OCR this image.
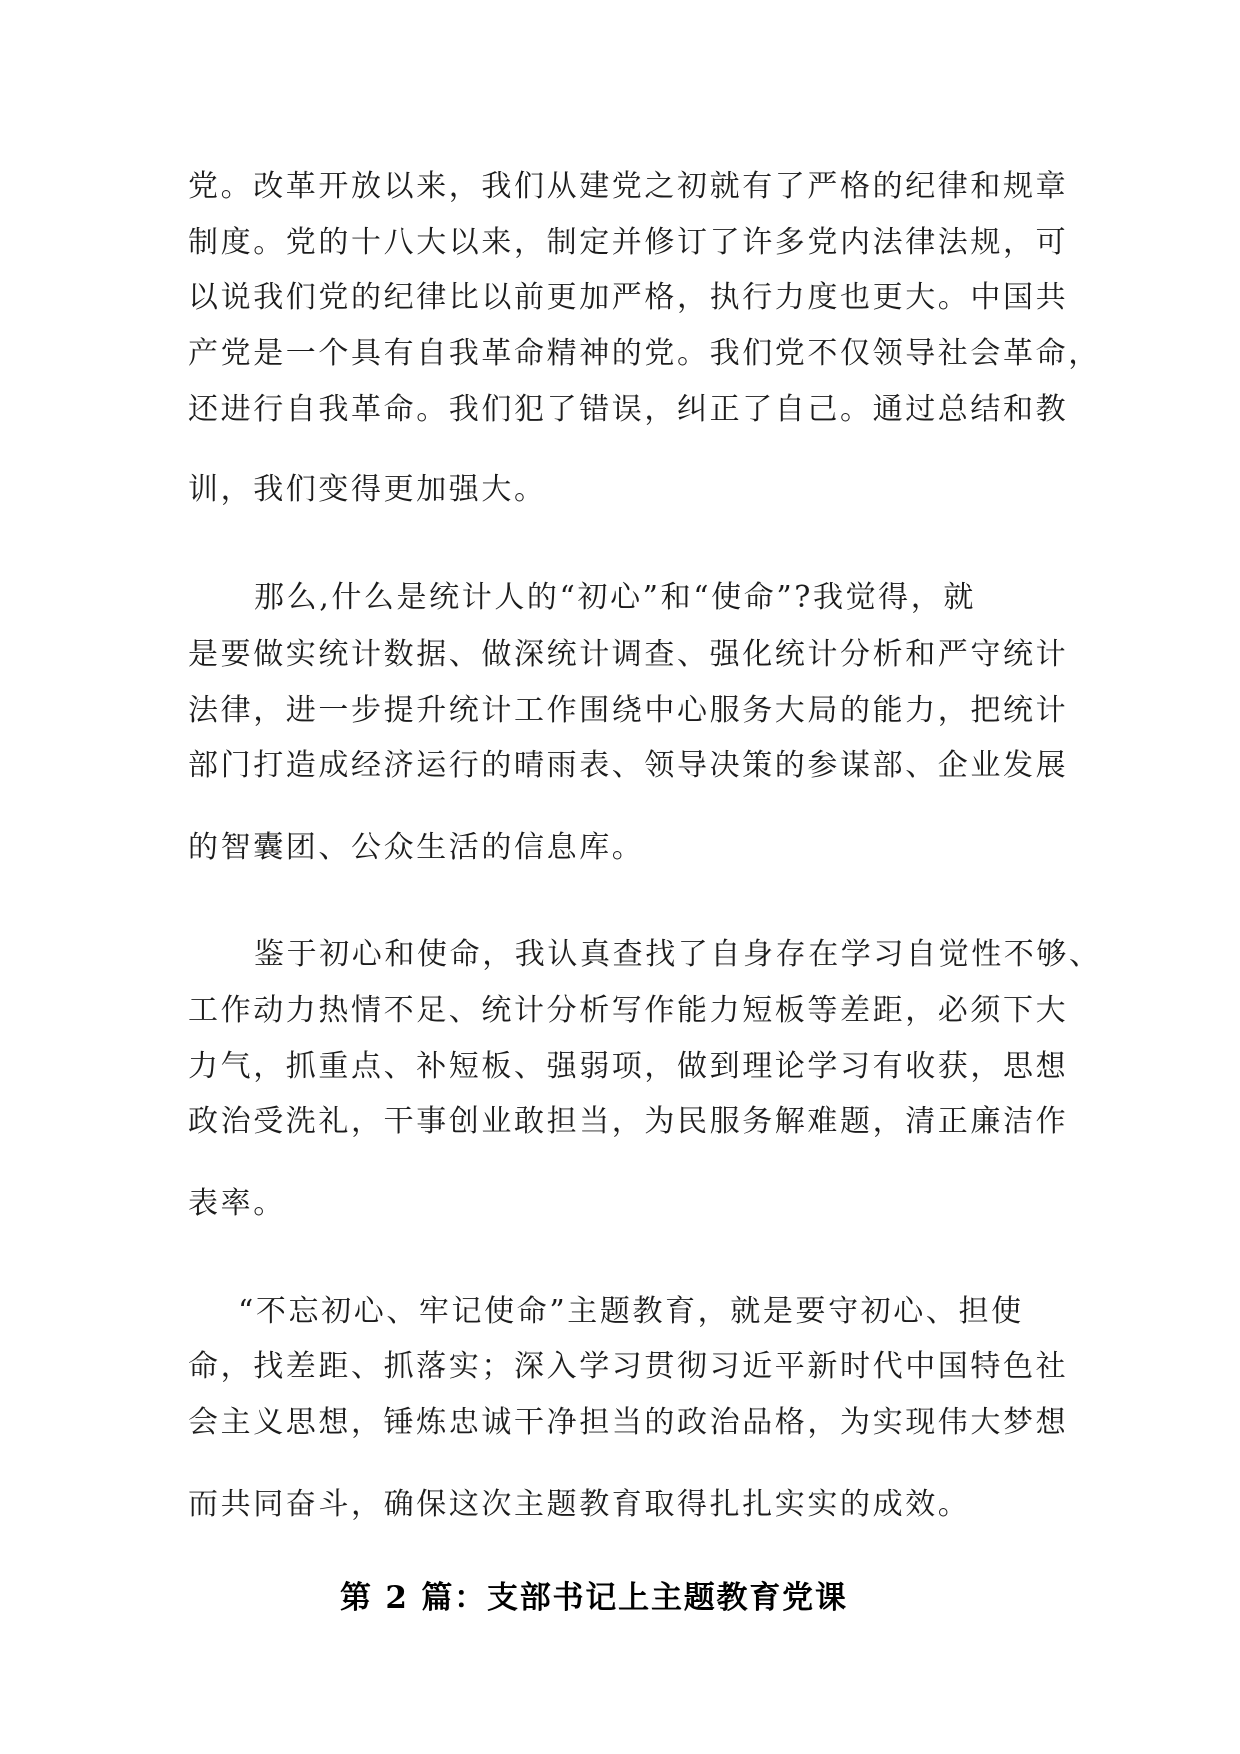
党。改革开放以来，我们从建党之初就有了严格的纪律和规章
制度。党的十八大以来，制定并修订了许多党内法律法规，可
以说我们党的纪律比以前更加严格，执行力度也更大。中国共
产党是一个具有自我革命精神的党。我们党不仅领导社会革命，
还进行自我革命。我们犯了错误，纠正了自己。通过总结和教
训，我们变得更加强大。
那么,什么是统计人的“初心”和“使命”?我觉得，就
是要做实统计数据、做深统计调查、强化统计分析和严守统计
法律，进一步提升统计工作围绕中心服务大局的能力，把统计
部门打造成经济运行的晴雨表、领导决策的参谋部、企业发展
的智囊团、公众生活的信息库。
鉴于初心和使命，我认真查找了自身存在学习自觉性不够、
工作动力热情不足、统计分析写作能力短板等差距，必须下大
力气，抓重点、补短板、强弱项，做到理论学习有收获，思想
政治受洗礼，干事创业敢担当，为民服务解难题，清正廉洁作
表率。
“不忘初心、牢记使命”主题教育，就是要守初心、担使
命，找差距、抓落实；深入学习贯彻习近平新时代中国特色社
会主义思想，锤炼忠诚干净担当的政治品格，为实现伟大梦想
而共同奋斗，确保这次主题教育取得扎扎实实的成效。
第 2 篇：支部书记上主题教育党课
